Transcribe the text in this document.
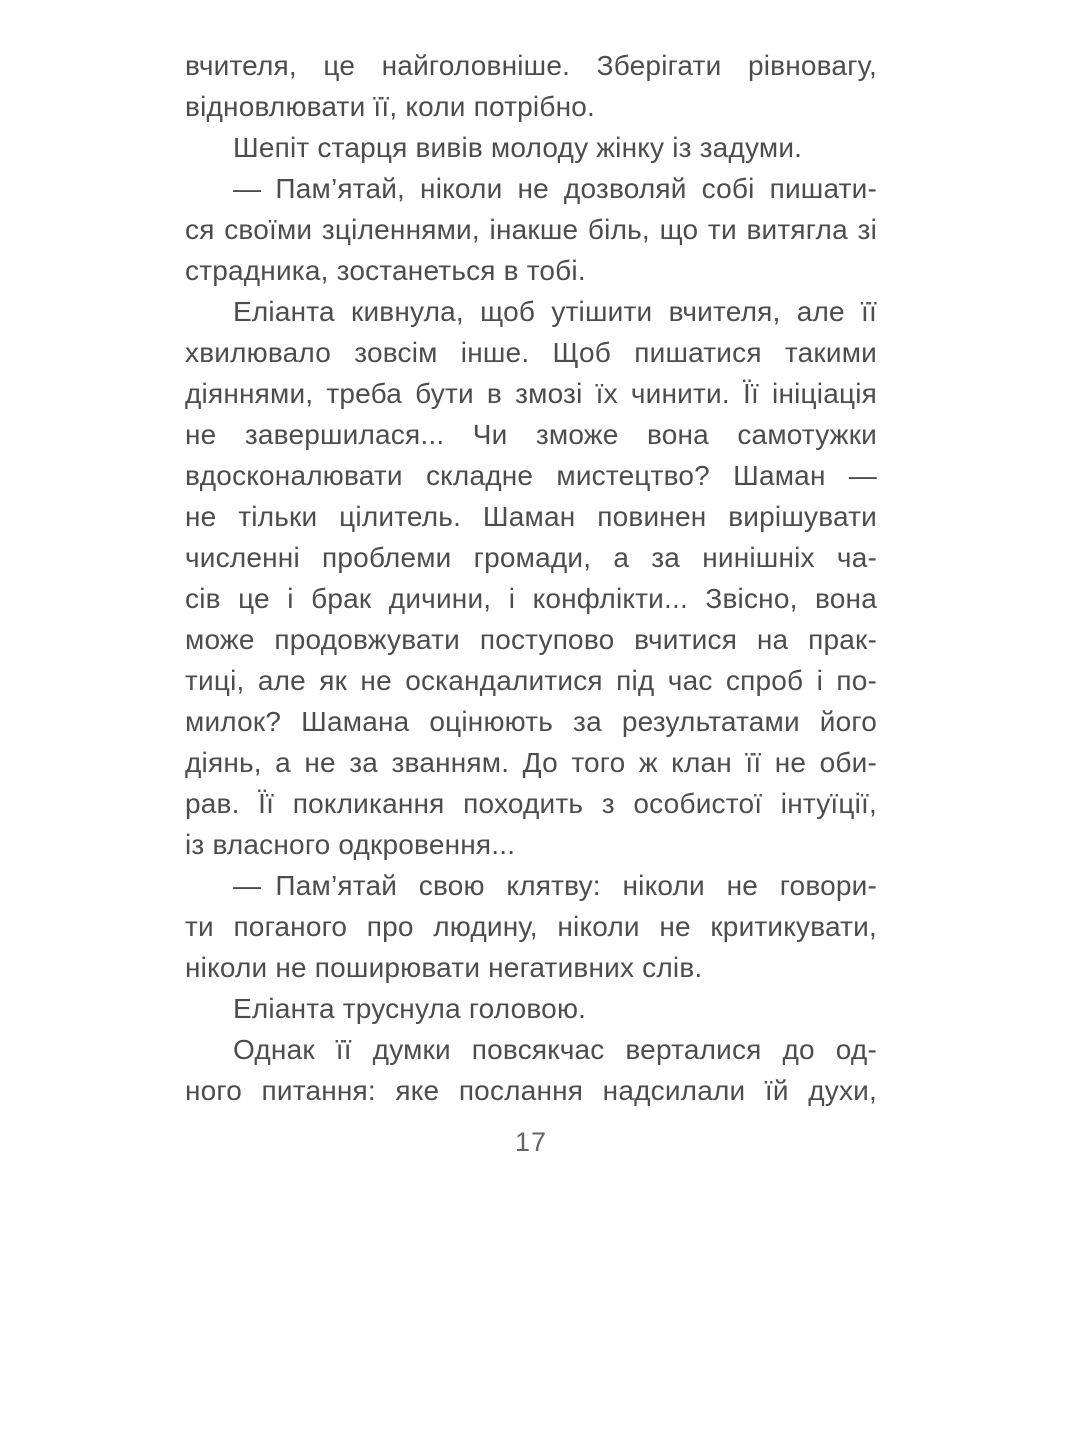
вчителя, це найголовніше. Зберігати рівновагу,
відновлювати її, коли потрібно.
Шепіт старця вивів молоду жінку із задуми.
— Пам’ятай, ніколи не дозволяй собі пишати-
ся своїми зціленнями, інакше біль, що ти витягла зі
страдника, зостанеться в тобі.
Еліанта кивнула, щоб утішити вчителя, але її
хвилювало зовсім інше. Щоб пишатися такими
діяннями, треба бути в змозі їх чинити. Її ініціація
не завершилася... Чи зможе вона самотужки
вдосконалювати складне мистецтво? Шаман —
не тільки цілитель. Шаман повинен вирішувати
численні проблеми громади, а за нинішніх ча-
сів це і брак дичини, і конфлікти... Звісно, вона
може продовжувати поступово вчитися на прак-
тиці, але як не оскандалитися під час спроб і по-
милок? Шамана оцінюють за результатами його
діянь, а не за званням. До того ж клан її не оби-
рав. Її покликання походить з особистої інтуїції,
із власного одкровення...
— Пам’ятай свою клятву: ніколи не говори-
ти поганого про людину, ніколи не критикувати,
ніколи не поширювати негативних слів.
Еліанта труснула головою.
Однак її думки повсякчас верталися до од-
ного питання: яке послання надсилали їй духи,
17
